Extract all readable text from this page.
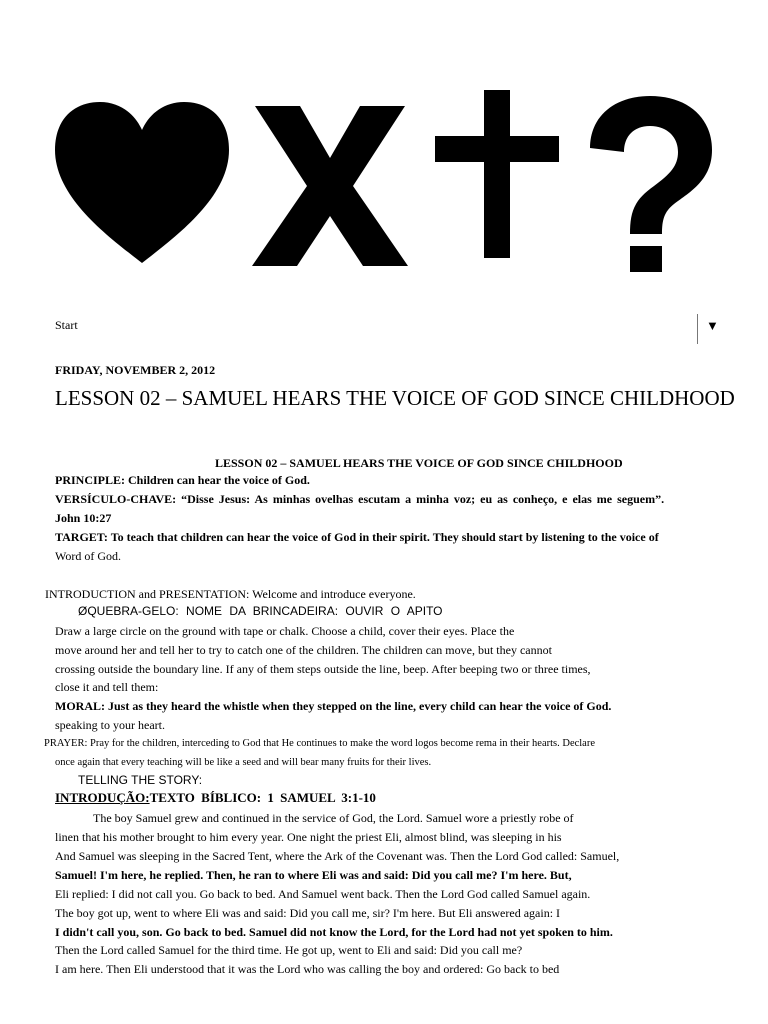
Start	▼
FRIDAY, NOVEMBER 2, 2012
LESSON 02 – SAMUEL HEARS THE VOICE OF GOD SINCE CHILDHOOD
LESSON 02 – SAMUEL HEARS THE VOICE OF GOD SINCE CHILDHOOD
PRINCIPLE: Children can hear the voice of God.
VERSÍCULO-CHAVE: “Disse Jesus: As minhas ovelhas escutam a minha voz; eu as conheço, e elas me seguem”.
John 10:27
TARGET: To teach that children can hear the voice of God in their spirit. They should start by listening to the voice of
Word of God.
INTRODUCTION and PRESENTATION: Welcome and introduce everyone.
ØQUEBRA-GELO: NOME DA BRINCADEIRA: OUVIR O APITO
Draw a large circle on the ground with tape or chalk. Choose a child, cover their eyes. Place the
move around her and tell her to try to catch one of the children. The children can move, but they cannot
crossing outside the boundary line. If any of them steps outside the line, beep. After beeping two or three times,
close it and tell them:
MORAL: Just as they heard the whistle when they stepped on the line, every child can hear the voice of God.
speaking to your heart.
PRAYER: Pray for the children, interceding to God that He continues to make the word logos become rema in their hearts. Declare
once again that every teaching will be like a seed and will bear many fruits for their lives.
TELLING THE STORY:
INTRODUÇÃO:TEXTO BÍBLICO: 1 SAMUEL 3:1-10
The boy Samuel grew and continued in the service of God, the Lord. Samuel wore a priestly robe of
linen that his mother brought to him every year. One night the priest Eli, almost blind, was sleeping in his
And Samuel was sleeping in the Sacred Tent, where the Ark of the Covenant was. Then the Lord God called: Samuel,
Samuel! I'm here, he replied. Then, he ran to where Eli was and said: Did you call me? I'm here. But,
Eli replied: I did not call you. Go back to bed. And Samuel went back. Then the Lord God called Samuel again.
The boy got up, went to where Eli was and said: Did you call me, sir? I'm here. But Eli answered again: I
I didn't call you, son. Go back to bed. Samuel did not know the Lord, for the Lord had not yet spoken to him.
Then the Lord called Samuel for the third time. He got up, went to Eli and said: Did you call me?
I am here. Then Eli understood that it was the Lord who was calling the boy and ordered: Go back to bed
